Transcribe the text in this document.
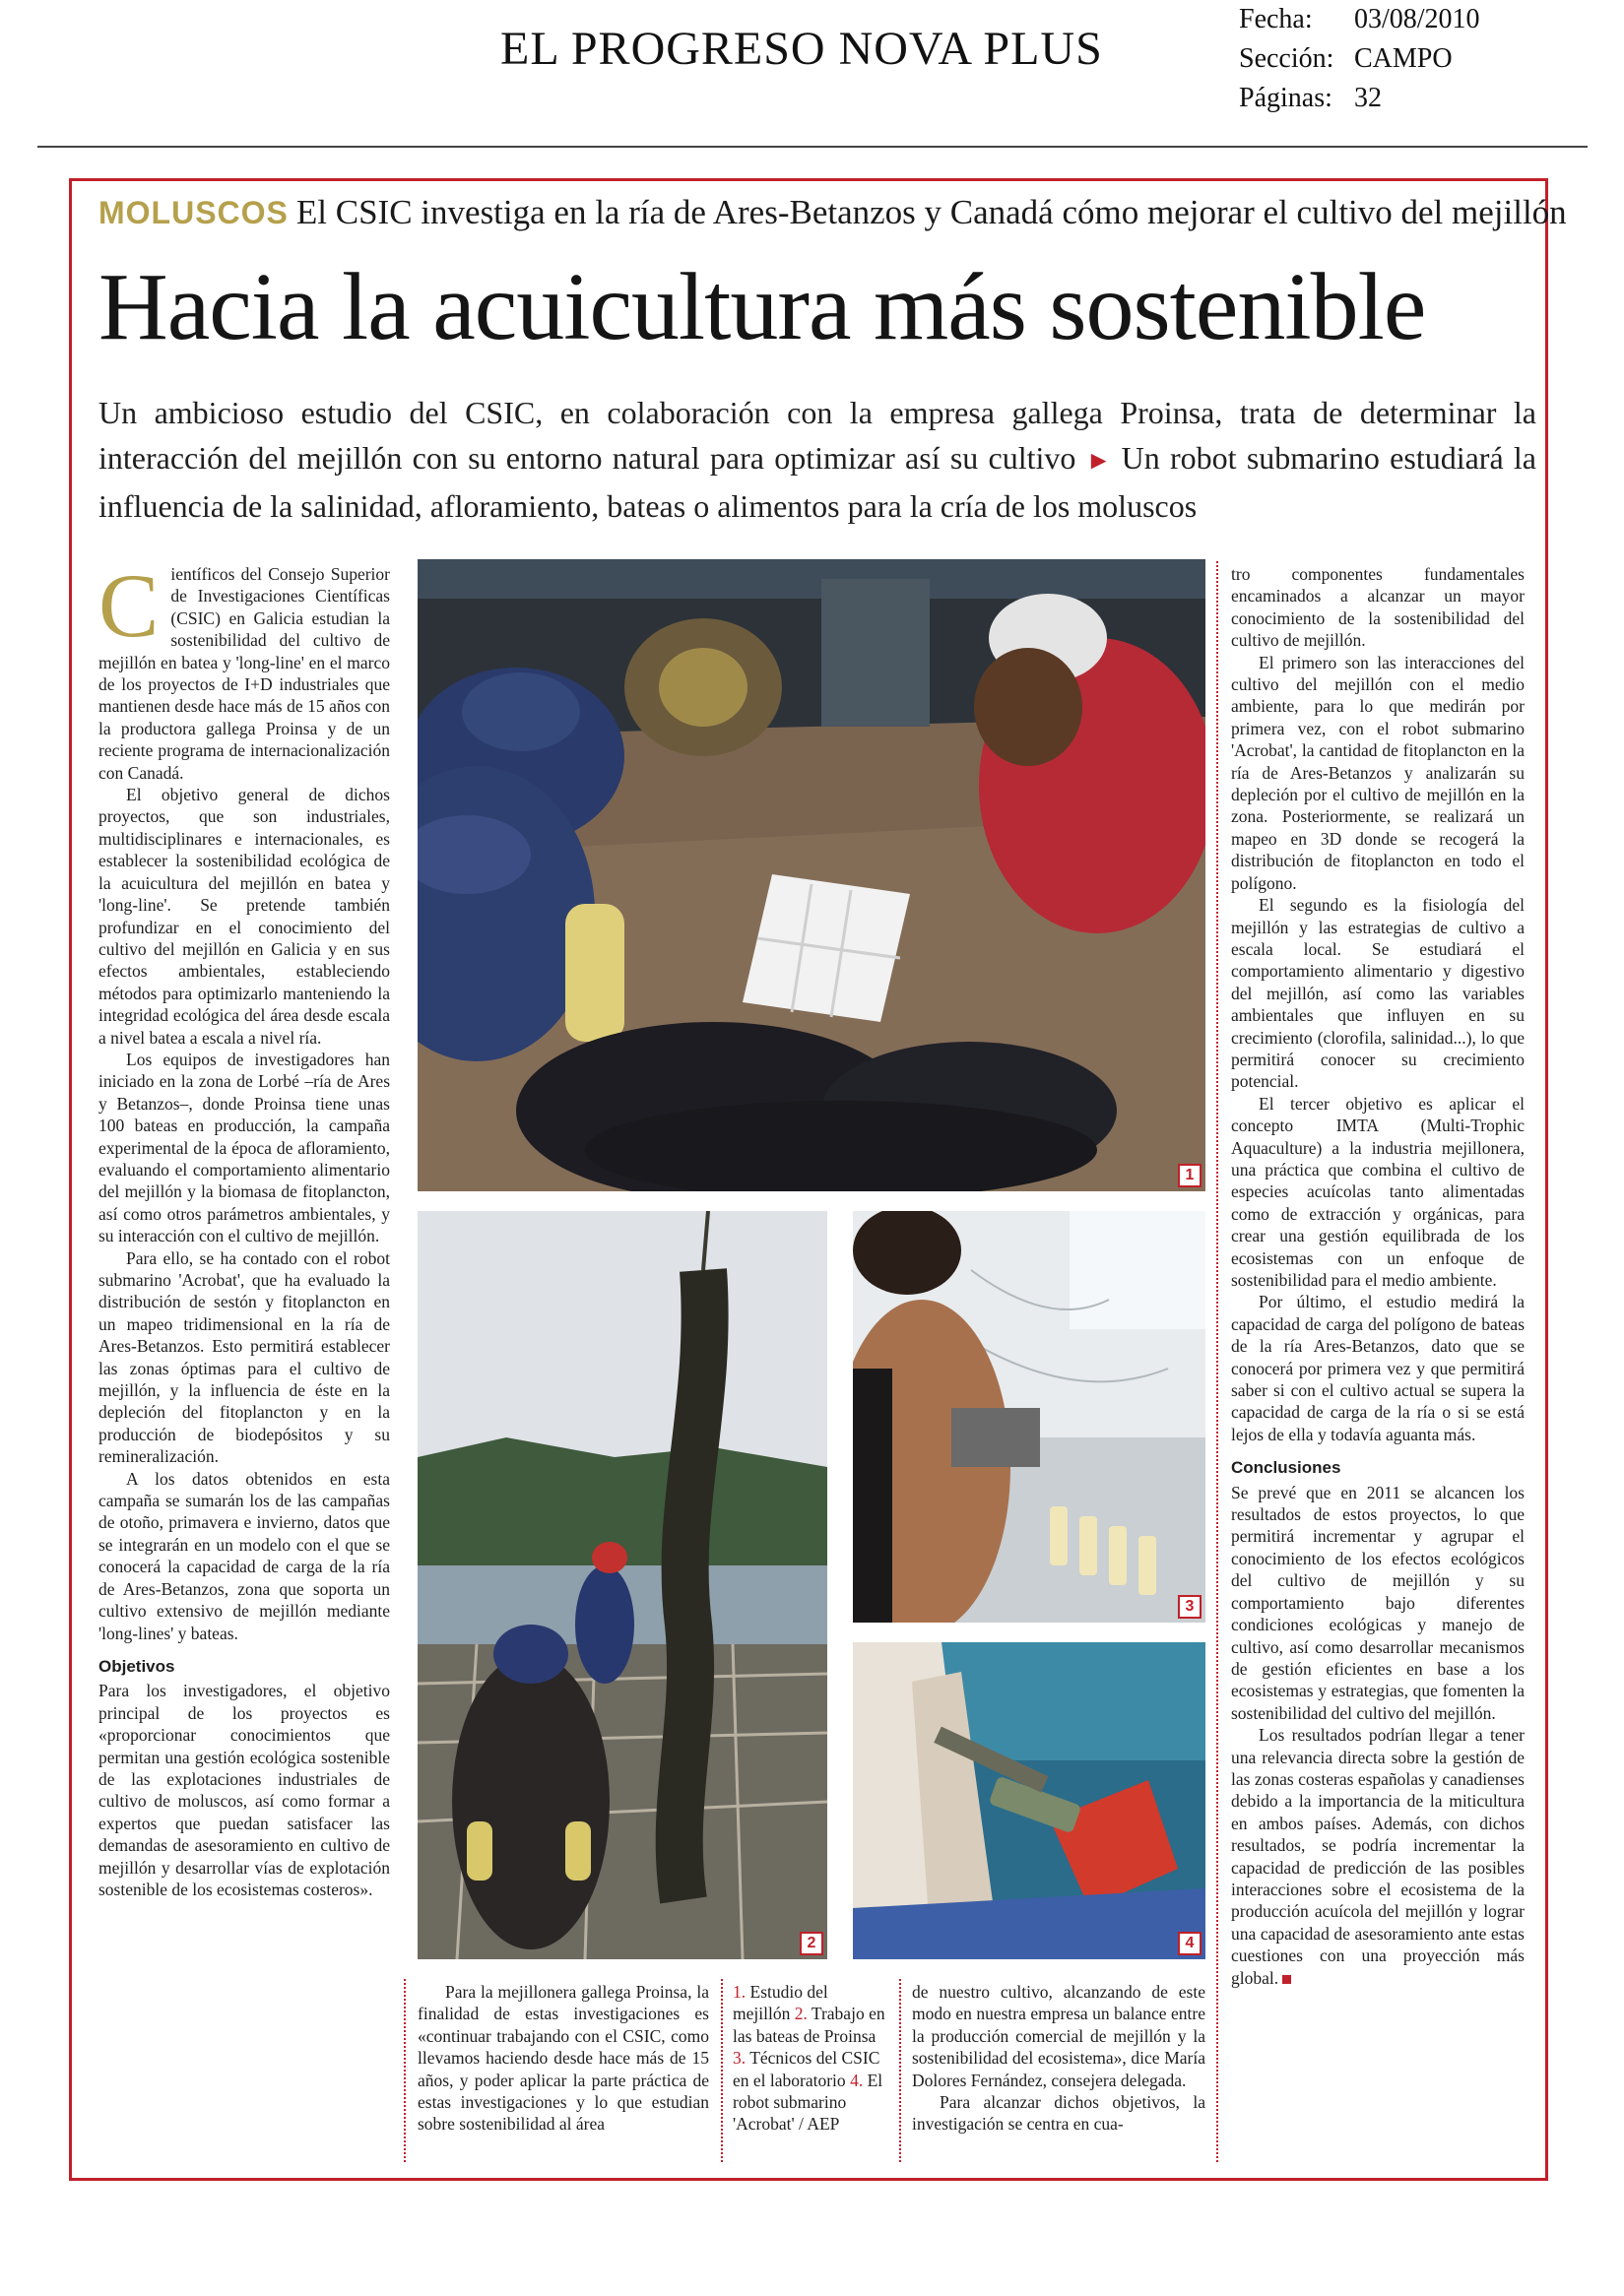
EL PROGRESO NOVA PLUS
Fecha: 03/08/2010
Sección: CAMPO
Páginas: 32
MOLUSCOS El CSIC investiga en la ría de Ares-Betanzos y Canadá cómo mejorar el cultivo del mejillón
Hacia la acuicultura más sostenible
Un ambicioso estudio del CSIC, en colaboración con la empresa gallega Proinsa, trata de determinar la interacción del mejillón con su entorno natural para optimizar así su cultivo ► Un robot submarino estudiará la influencia de la salinidad, afloramiento, bateas o alimentos para la cría de los moluscos
C ientíficos del Consejo Superior de Investigaciones Científicas (CSIC) en Galicia estudian la sostenibilidad del cultivo de mejillón en batea y 'long-line' en el marco de los proyectos de I+D industriales que mantienen desde hace más de 15 años con la productora gallega Proinsa y de un reciente programa de internacionalización con Canadá.

El objetivo general de dichos proyectos, que son industriales, multidisciplinares e internacionales, es establecer la sostenibilidad ecológica de la acuicultura del mejillón en batea y 'long-line'. Se pretende también profundizar en el conocimiento del cultivo del mejillón en Galicia y en sus efectos ambientales, estableciendo métodos para optimizarlo manteniendo la integridad ecológica del área desde escala a nivel batea a escala a nivel ría.

Los equipos de investigadores han iniciado en la zona de Lorbé –ría de Ares y Betanzos–, donde Proinsa tiene unas 100 bateas en producción, la campaña experimental de la época de afloramiento, evaluando el comportamiento alimentario del mejillón y la biomasa de fitoplancton, así como otros parámetros ambientales, y su interacción con el cultivo de mejillón.

Para ello, se ha contado con el robot submarino 'Acrobat', que ha evaluado la distribución de sestón y fitoplancton en un mapeo tridimensional en la ría de Ares-Betanzos. Esto permitirá establecer las zonas óptimas para el cultivo de mejillón, y la influencia de éste en la depleción del fitoplancton y en la producción de biodepósitos y su remineralización.

A los datos obtenidos en esta campaña se sumarán los de las campañas de otoño, primavera e invierno, datos que se integrarán en un modelo con el que se conocerá la capacidad de carga de la ría de Ares-Betanzos, zona que soporta un cultivo extensivo de mejillón mediante 'long-lines' y bateas.

Objetivos

Para los investigadores, el objetivo principal de los proyectos es «proporcionar conocimientos que permitan una gestión ecológica sostenible de las explotaciones industriales de cultivo de moluscos, así como formar a expertos que puedan satisfacer las demandas de asesoramiento en cultivo de mejillón y desarrollar vías de explotación sostenible de los ecosistemas costeros».

1
2
3
4

Para la mejillonera gallega Proinsa, la finalidad de estas investigaciones es «continuar trabajando con el CSIC, como llevamos haciendo desde hace más de 15 años, y poder aplicar la parte práctica de estas investigaciones y lo que estudian sobre sostenibilidad al área

1. Estudio del mejillón 2. Trabajo en las bateas de Proinsa 3. Técnicos del CSIC en el laboratorio 4. El robot submarino 'Acrobat' / AEP

de nuestro cultivo, alcanzando de este modo en nuestra empresa un balance entre la producción comercial de mejillón y la sostenibilidad del ecosistema», dice María Dolores Fernández, consejera delegada.

Para alcanzar dichos objetivos, la investigación se centra en cua-

tro componentes fundamentales encaminados a alcanzar un mayor conocimiento de la sostenibilidad del cultivo de mejillón.

El primero son las interacciones del cultivo del mejillón con el medio ambiente, para lo que medirán por primera vez, con el robot submarino 'Acrobat', la cantidad de fitoplancton en la ría de Ares-Betanzos y analizarán su depleción por el cultivo de mejillón en la zona. Posteriormente, se realizará un mapeo en 3D donde se recogerá la distribución de fitoplancton en todo el polígono.

El segundo es la fisiología del mejillón y las estrategias de cultivo a escala local. Se estudiará el comportamiento alimentario y digestivo del mejillón, así como las variables ambientales que influyen en su crecimiento (clorofila, salinidad...), lo que permitirá conocer su crecimiento potencial.

El tercer objetivo es aplicar el concepto IMTA (Multi-Trophic Aquaculture) a la industria mejillonera, una práctica que combina el cultivo de especies acuícolas tanto alimentadas como de extracción y orgánicas, para crear una gestión equilibrada de los ecosistemas con un enfoque de sostenibilidad para el medio ambiente.

Por último, el estudio medirá la capacidad de carga del polígono de bateas de la ría Ares-Betanzos, dato que se conocerá por primera vez y que permitirá saber si con el cultivo actual se supera la capacidad de carga de la ría o si se está lejos de ella y todavía aguanta más.

Conclusiones

Se prevé que en 2011 se alcancen los resultados de estos proyectos, lo que permitirá incrementar y agrupar el conocimiento de los efectos ecológicos del cultivo de mejillón y su comportamiento bajo diferentes condiciones ecológicas y manejo de cultivo, así como desarrollar mecanismos de gestión eficientes en base a los ecosistemas y estrategias, que fomenten la sostenibilidad del cultivo del mejillón.

Los resultados podrían llegar a tener una relevancia directa sobre la gestión de las zonas costeras españolas y canadienses debido a la importancia de la miticultura en ambos países. Además, con dichos resultados, se podría incrementar la capacidad de predicción de las posibles interacciones sobre el ecosistema de la producción acuícola del mejillón y lograr una capacidad de asesoramiento ante estas cuestiones con una proyección más global.
